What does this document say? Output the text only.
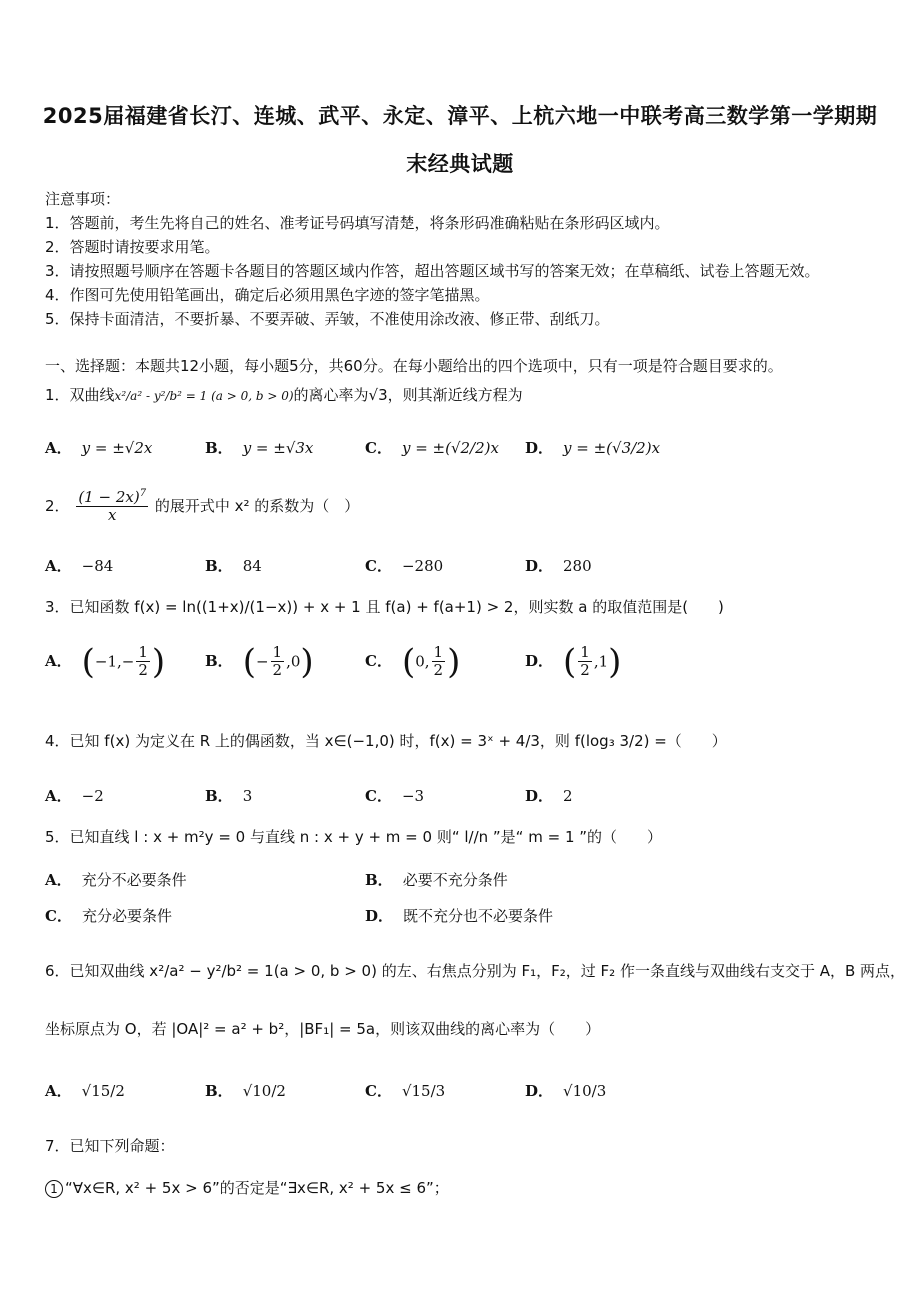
2025届福建省长汀、连城、武平、永定、漳平、上杭六地一中联考高三数学第一学期期
末经典试题
注意事项：
1．答题前，考生先将自己的姓名、准考证号码填写清楚，将条形码准确粘贴在条形码区域内。
2．答题时请按要求用笔。
3．请按照题号顺序在答题卡各题目的答题区域内作答，超出答题区域书写的答案无效；在草稿纸、试卷上答题无效。
4．作图可先使用铅笔画出，确定后必须用黑色字迹的签字笔描黑。
5．保持卡面清洁，不要折暴、不要弄破、弄皱，不准使用涂改液、修正带、刮纸刀。
一、选择题：本题共12小题，每小题5分，共60分。在每小题给出的四个选项中，只有一项是符合题目要求的。
1．双曲线x²/a² - y²/b² = 1 (a > 0, b > 0)的离心率为√3，则其渐近线方程为
A． y = ±√2x	B． y = ±√3x	C． y = ±(√2/2)x D． y = ±(√3/2)x
2． $\frac{(1 - 2x)^7}{x}$ 的展开式中 x² 的系数为（　）
A． −84	B． 84	C． −280	D． 280
3．已知函数 f(x) = ln((1+x)/(1−x)) + x + 1 且 f(a) + f(a+1) > 2，则实数 a 的取值范围是(　　)
A． ($-1,- \frac{1}{2}$ )	B． (− $\frac{1}{2} ,0$)	C． (0, $\frac{1}{2}$ )	D． ( $\frac{1}{2} ,1$)
4．已知 f(x) 为定义在 R 上的偶函数，当 x∈(−1,0) 时，f(x) = 3ˣ + 4/3，则 f(log₃ 3/2) =（　　）
A． −2	B． 3	C． −3	D． 2
5．已知直线 l : x + m²y = 0 与直线 n : x + y + m = 0 则“ l//n ”是“ m = 1 ”的（　　）
A． 充分不必要条件	B． 必要不充分条件
C． 充分必要条件	D． 既不充分也不必要条件
6．已知双曲线 x²/a² − y²/b² = 1(a > 0, b > 0) 的左、右焦点分别为 F₁，F₂，过 F₂ 作一条直线与双曲线右支交于 A，B 两点，
坐标原点为 O，若 |OA|² = a² + b²，|BF₁| = 5a，则该双曲线的离心率为（　　）
A． √15/2	B． √10/2	C． √15/3	D． √10/3
7．已知下列命题：
1 “∀x∈R, x² + 5x > 6”的否定是“∃x∈R, x² + 5x ≤ 6”；
